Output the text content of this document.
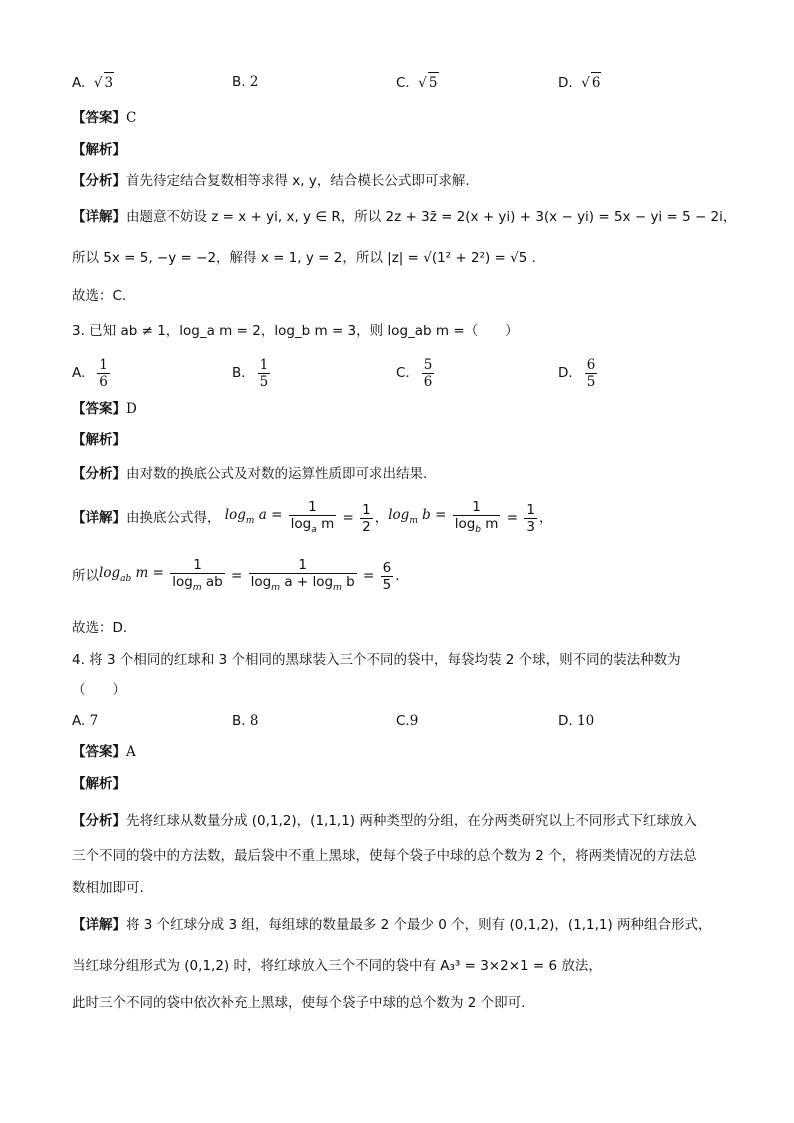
A.  √ 3	B. 2	C.  √ 5	D.  √ 6
【答案】C
【解析】
【分析】首先待定结合复数相等求得 x, y，结合模长公式即可求解.
【详解】由题意不妨设 z = x + yi, x, y ∈ R，所以 2z + 3z̄ = 2(x + yi) + 3(x − yi) = 5x − yi = 5 − 2i，
所以 5x = 5, −y = −2，解得 x = 1, y = 2，所以 |z| = √(1² + 2²) = √5 .
故选：C.
3. 已知 ab ≠ 1，log_a m = 2，log_b m = 3，则 log_ab m =（　　）
A. $\frac{1}{6}$	B. $\frac{1}{5}$	C. $\frac{5}{6}$	D. $\frac{6}{5}$
【答案】D
【解析】
【分析】由对数的换底公式及对数的运算性质即可求出结果.
【详解】 由换底公式得， $\log_m a = \frac{1}{\log_a m} = \frac{1}{2}$ ， $\log_m b = \frac{1}{\log_b m} = \frac{1}{3}$ ，
所以 $\log_{ab} m = \frac{1}{\log_m ab} = \frac{1}{\log_m a + \log_m b} = \frac{6}{5}$ .
故选：D.
4. 将 3 个相同的红球和 3 个相同的黑球装入三个不同的袋中，每袋均装 2 个球，则不同的装法种数为
（　　）
A. 7	B. 8	C.9	D. 10
【答案】A
【解析】
【分析】先将红球从数量分成 (0,1,2)，(1,1,1) 两种类型的分组，在分两类研究以上不同形式下红球放入
三个不同的袋中的方法数，最后袋中不重上黑球，使每个袋子中球的总个数为 2 个，将两类情况的方法总
数相加即可.
【详解】将 3 个红球分成 3 组，每组球的数量最多 2 个最少 0 个，则有 (0,1,2)，(1,1,1) 两种组合形式，
当红球分组形式为 (0,1,2) 时，将红球放入三个不同的袋中有 A₃³ = 3×2×1 = 6 放法，
此时三个不同的袋中依次补充上黑球，使每个袋子中球的总个数为 2 个即可.
